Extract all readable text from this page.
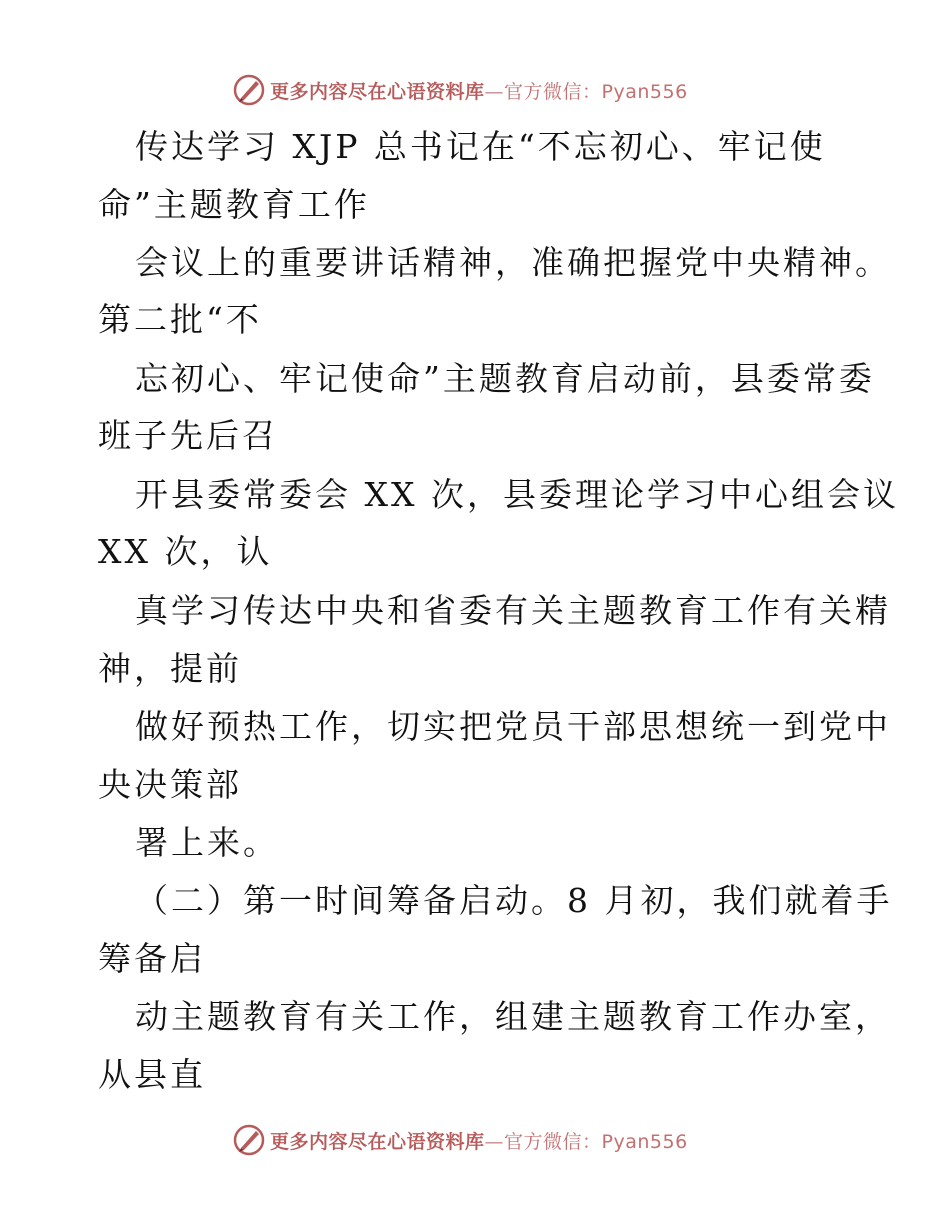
更多内容尽在心语资料库—官方微信：Pyan556
传达学习 XJP 总书记在“不忘初心、牢记使
命”主题教育工作
会议上的重要讲话精神，准确把握党中央精神。
第二批“不
忘初心、牢记使命”主题教育启动前，县委常委
班子先后召
开县委常委会 XX 次，县委理论学习中心组会议
XX 次，认
真学习传达中央和省委有关主题教育工作有关精
神，提前
做好预热工作，切实把党员干部思想统一到党中
央决策部
署上来。
（二）第一时间筹备启动。8 月初，我们就着手
筹备启
动主题教育有关工作，组建主题教育工作办室，
从县直
更多内容尽在心语资料库—官方微信：Pyan556
